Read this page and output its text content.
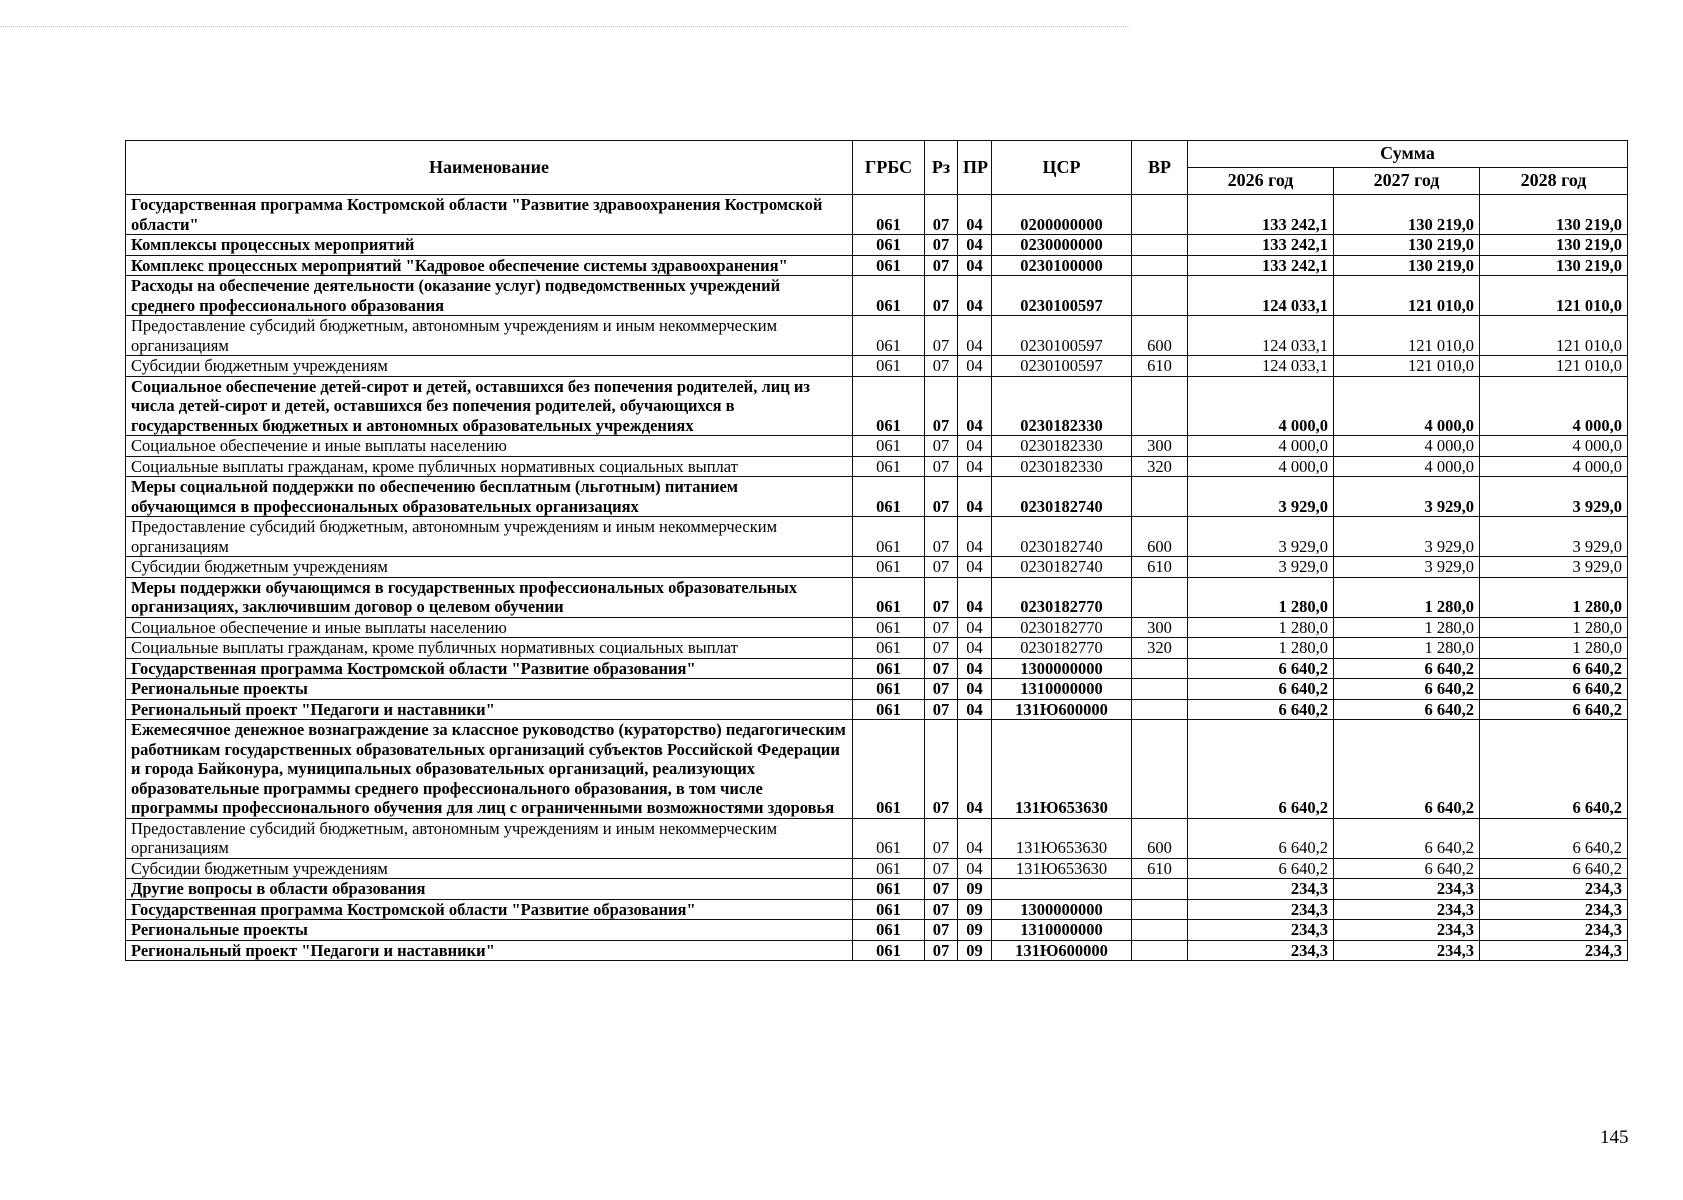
Наименование	ГРБС	Рз	ПР	ЦСР	ВР	Сумма		
						2026 год	2027 год	2028 год
Государственная программа Костромской области "Развитие здравоохранения Костромской области"	061	07	04	0200000000		133 242,1	130 219,0	130 219,0
Комплексы процессных мероприятий	061	07	04	0230000000		133 242,1	130 219,0	130 219,0
Комплекс процессных мероприятий "Кадровое обеспечение системы здравоохранения"	061	07	04	0230100000		133 242,1	130 219,0	130 219,0
Расходы на обеспечение деятельности (оказание услуг) подведомственных учреждений среднего профессионального образования	061	07	04	0230100597		124 033,1	121 010,0	121 010,0
Предоставление субсидий бюджетным, автономным учреждениям и иным некоммерческим организациям	061	07	04	0230100597	600	124 033,1	121 010,0	121 010,0
Субсидии бюджетным учреждениям	061	07	04	0230100597	610	124 033,1	121 010,0	121 010,0
Социальное обеспечение детей-сирот и детей, оставшихся без попечения родителей, лиц из числа детей-сирот и детей, оставшихся без попечения родителей, обучающихся в государственных бюджетных и автономных образовательных учреждениях	061	07	04	0230182330		4 000,0	4 000,0	4 000,0
Социальное обеспечение и иные выплаты населению	061	07	04	0230182330	300	4 000,0	4 000,0	4 000,0
Социальные выплаты гражданам, кроме публичных нормативных социальных выплат	061	07	04	0230182330	320	4 000,0	4 000,0	4 000,0
Меры социальной поддержки по обеспечению бесплатным (льготным) питанием обучающимся в профессиональных образовательных организациях	061	07	04	0230182740		3 929,0	3 929,0	3 929,0
Предоставление субсидий бюджетным, автономным учреждениям и иным некоммерческим организациям	061	07	04	0230182740	600	3 929,0	3 929,0	3 929,0
Субсидии бюджетным учреждениям	061	07	04	0230182740	610	3 929,0	3 929,0	3 929,0
Меры поддержки обучающимся в государственных профессиональных образовательных организациях, заключившим договор о целевом обучении	061	07	04	0230182770		1 280,0	1 280,0	1 280,0
Социальное обеспечение и иные выплаты населению	061	07	04	0230182770	300	1 280,0	1 280,0	1 280,0
Социальные выплаты гражданам, кроме публичных нормативных социальных выплат	061	07	04	0230182770	320	1 280,0	1 280,0	1 280,0
Государственная программа Костромской области "Развитие образования"	061	07	04	1300000000		6 640,2	6 640,2	6 640,2
Региональные проекты	061	07	04	1310000000		6 640,2	6 640,2	6 640,2
Региональный проект "Педагоги и наставники"	061	07	04	131Ю600000		6 640,2	6 640,2	6 640,2
Ежемесячное денежное вознаграждение за классное руководство (кураторство) педагогическим работникам государственных образовательных организаций субъектов Российской Федерации и города Байконура, муниципальных образовательных организаций, реализующих образовательные программы среднего профессионального образования, в том числе программы профессионального обучения для лиц с ограниченными возможностями здоровья	061	07	04	131Ю653630		6 640,2	6 640,2	6 640,2
Предоставление субсидий бюджетным, автономным учреждениям и иным некоммерческим организациям	061	07	04	131Ю653630	600	6 640,2	6 640,2	6 640,2
Субсидии бюджетным учреждениям	061	07	04	131Ю653630	610	6 640,2	6 640,2	6 640,2
Другие вопросы в области образования	061	07	09			234,3	234,3	234,3
Государственная программа Костромской области "Развитие образования"	061	07	09	1300000000		234,3	234,3	234,3
Региональные проекты	061	07	09	1310000000		234,3	234,3	234,3
Региональный проект "Педагоги и наставники"	061	07	09	131Ю600000		234,3	234,3	234,3
145
